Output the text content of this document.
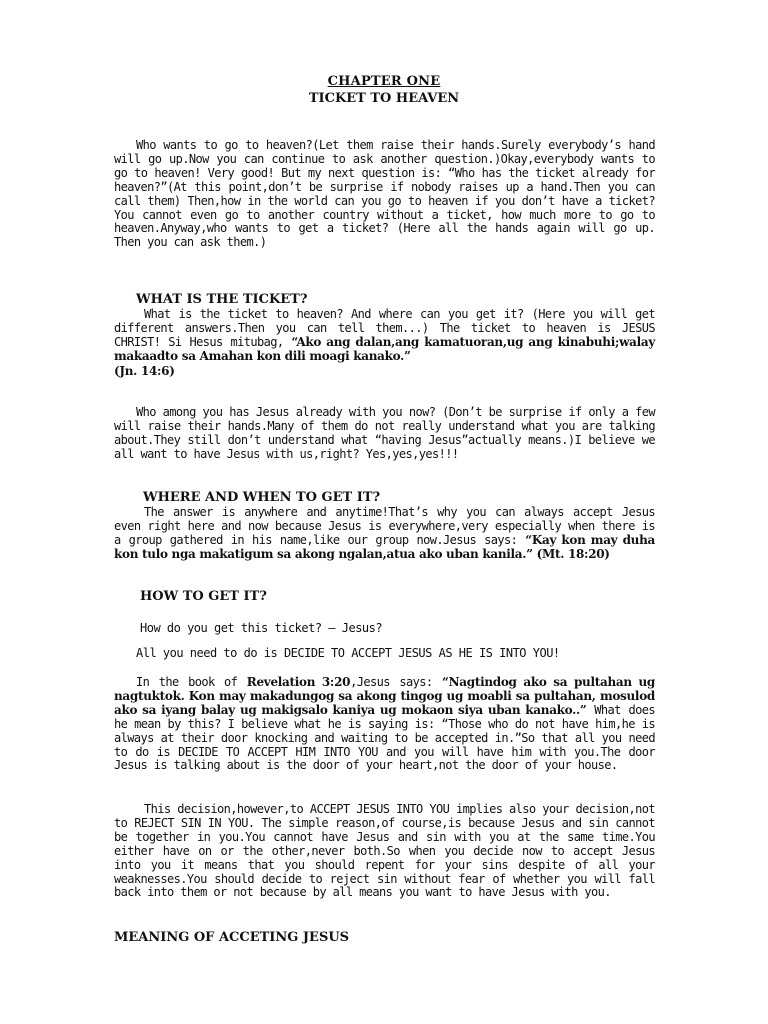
CHAPTER ONE
TICKET TO HEAVEN

Who wants to go to heaven?(Let them raise their hands.Surely everybody’s hand will go up.Now you can continue to ask another question.)Okay,everybody wants to go to heaven! Very good! But my next question is: “Who has the ticket already for heaven?”(At this point,don’t be surprise if nobody raises up a hand.Then you can call them) Then,how in the world can you go to heaven if you don’t have a ticket? You cannot even go to another country without a ticket, how much more to go to heaven.Anyway,who wants to get a ticket? (Here all the hands again will go up. Then you can ask them.)

WHAT IS THE TICKET?

What is the ticket to heaven? And where can you get it? (Here you will get different answers.Then you can tell them...) The ticket to heaven is JESUS CHRIST! Si Hesus mitubag, “Ako ang dalan,ang kamatuoran,ug ang kinabuhi;walay makaadto sa Amahan kon dili moagi kanako.”

(Jn. 14:6)

Who among you has Jesus already with you now? (Don’t be surprise if only a few will raise their hands.Many of them do not really understand what you are talking about.They still don’t understand what “having Jesus”actually means.)I believe we all want to have Jesus with us,right? Yes,yes,yes!!!

WHERE AND WHEN TO GET IT?

The answer is anywhere and anytime!That’s why you can always accept Jesus even right here and now because Jesus is everywhere,very especially when there is a group gathered in his name,like our group now.Jesus says: “Kay kon may duha kon tulo nga makatigum sa akong ngalan,atua ako uban kanila.” (Mt. 18:20)

HOW TO GET IT?
How do you get this ticket? – Jesus?
All you need to do is DECIDE TO ACCEPT JESUS AS HE IS INTO YOU!

In the book of Revelation 3:20,Jesus says: “Nagtindog ako sa pultahan ug nagtuktok. Kon may makadungog sa akong tingog ug moabli sa pultahan, mosulod ako sa iyang balay ug makigsalo kaniya ug mokaon siya uban kanako..” What does he mean by this? I believe what he is saying is: “Those who do not have him,he is always at their door knocking and waiting to be accepted in.”So that all you need to do is DECIDE TO ACCEPT HIM INTO YOU and you will have him with you.The door Jesus is talking about is the door of your heart,not the door of your house.

This decision,however,to ACCEPT JESUS INTO YOU implies also your decision,not to REJECT SIN IN YOU. The simple reason,of course,is because Jesus and sin cannot be together in you.You cannot have Jesus and sin with you at the same time.You either have on or the other,never both.So when you decide now to accept Jesus into you it means that you should repent for your sins despite of all your weaknesses.You should decide to reject sin without fear of whether you will fall back into them or not because by all means you want to have Jesus with you.

MEANING OF ACCETING JESUS
